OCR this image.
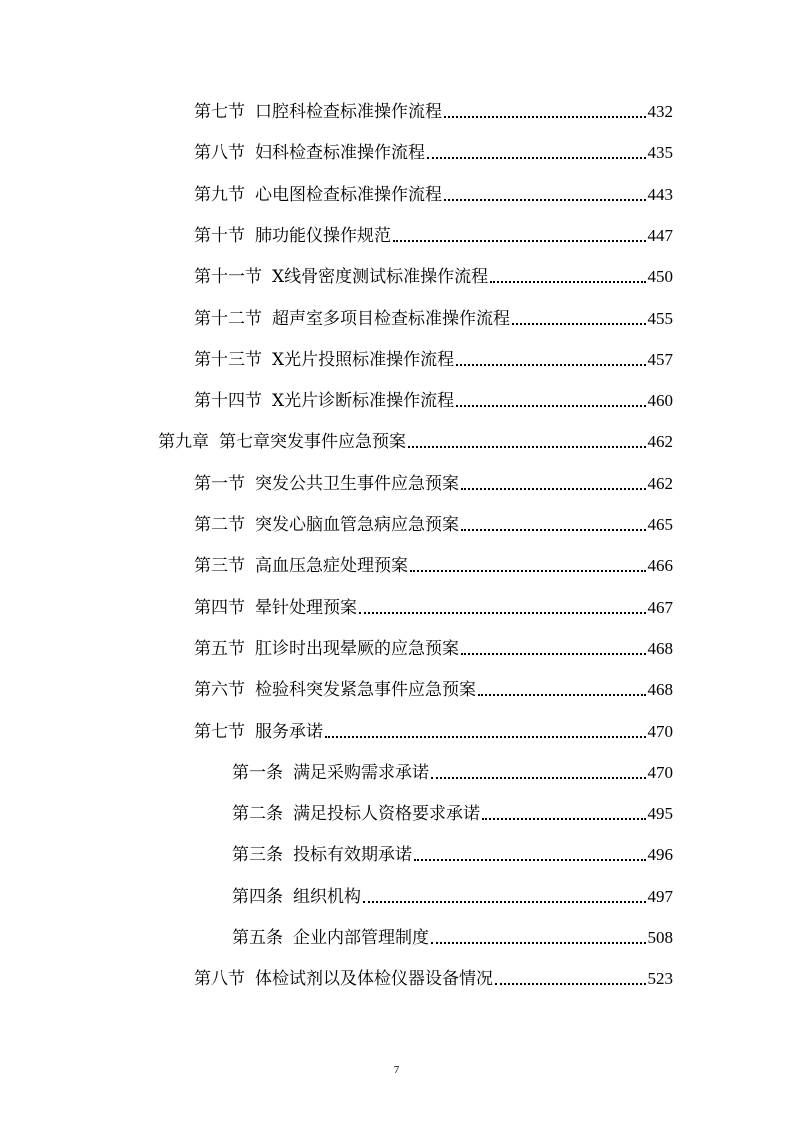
第七节 口腔科检查标准操作流程	432
第八节 妇科检查标准操作流程	435
第九节 心电图检查标准操作流程	443
第十节 肺功能仪操作规范	447
第十一节 X线骨密度测试标准操作流程	450
第十二节 超声室多项目检查标准操作流程	455
第十三节 X光片投照标准操作流程	457
第十四节 X光片诊断标准操作流程	460
第九章 第七章突发事件应急预案	462
第一节 突发公共卫生事件应急预案	462
第二节 突发心脑血管急病应急预案	465
第三节 高血压急症处理预案	466
第四节 晕针处理预案	467
第五节 肛诊时出现晕厥的应急预案	468
第六节 检验科突发紧急事件应急预案	468
第七节 服务承诺	470
第一条 满足采购需求承诺	470
第二条 满足投标人资格要求承诺	495
第三条 投标有效期承诺	496
第四条 组织机构	497
第五条 企业内部管理制度	508
第八节 体检试剂以及体检仪器设备情况	523
7
